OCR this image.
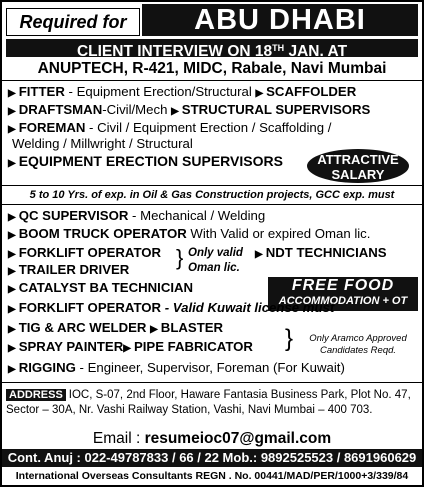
Required for	ABU DHABI
CLIENT INTERVIEW ON 18TH JAN. AT
ANUPTECH, R-421, MIDC, Rabale, Navi Mumbai
▶ FITTER - Equipment Erection/Structural ▶ SCAFFOLDER
▶ DRAFTSMAN-Civil/Mech ▶ STRUCTURAL SUPERVISORS
▶ FOREMAN - Civil / Equipment Erection / Scaffolding /
Welding / Millwright / Structural
▶ EQUIPMENT ERECTION SUPERVISORS	ATTRACTIVE
SALARY
5 to 10 Yrs. of exp. in Oil & Gas Construction projects, GCC exp. must
▶ QC SUPERVISOR - Mechanical / Welding
▶ BOOM TRUCK OPERATOR With Valid or expired Oman lic.
▶ FORKLIFT OPERATOR
▶ TRAILER DRIVER } Only valid
Oman lic.
▶ NDT TECHNICIANS
▶ CATALYST BA TECHNICIAN	FREE FOOD
ACCOMMODATION + OT
▶ FORKLIFT OPERATOR - Valid Kuwait license must
▶ TIG & ARC WELDER ▶ BLASTER
▶ SPRAY PAINTER▶ PIPE FABRICATOR }	Only Aramco Approved
Candidates Reqd.
▶ RIGGING - Engineer, Supervisor, Foreman (For Kuwait)
ADDRESS IOC, S-07, 2nd Floor, Haware Fantasia Business Park, Plot No. 47,
Sector – 30A, Nr. Vashi Railway Station, Vashi, Navi Mumbai – 400 703.
Email : resumeioc07@gmail.com
Cont. Anuj : 022-49787833 / 66 / 22 Mob.: 9892525523 / 8691960629
International Overseas Consultants REGN . No. 00441/MAD/PER/1000+3/339/84
